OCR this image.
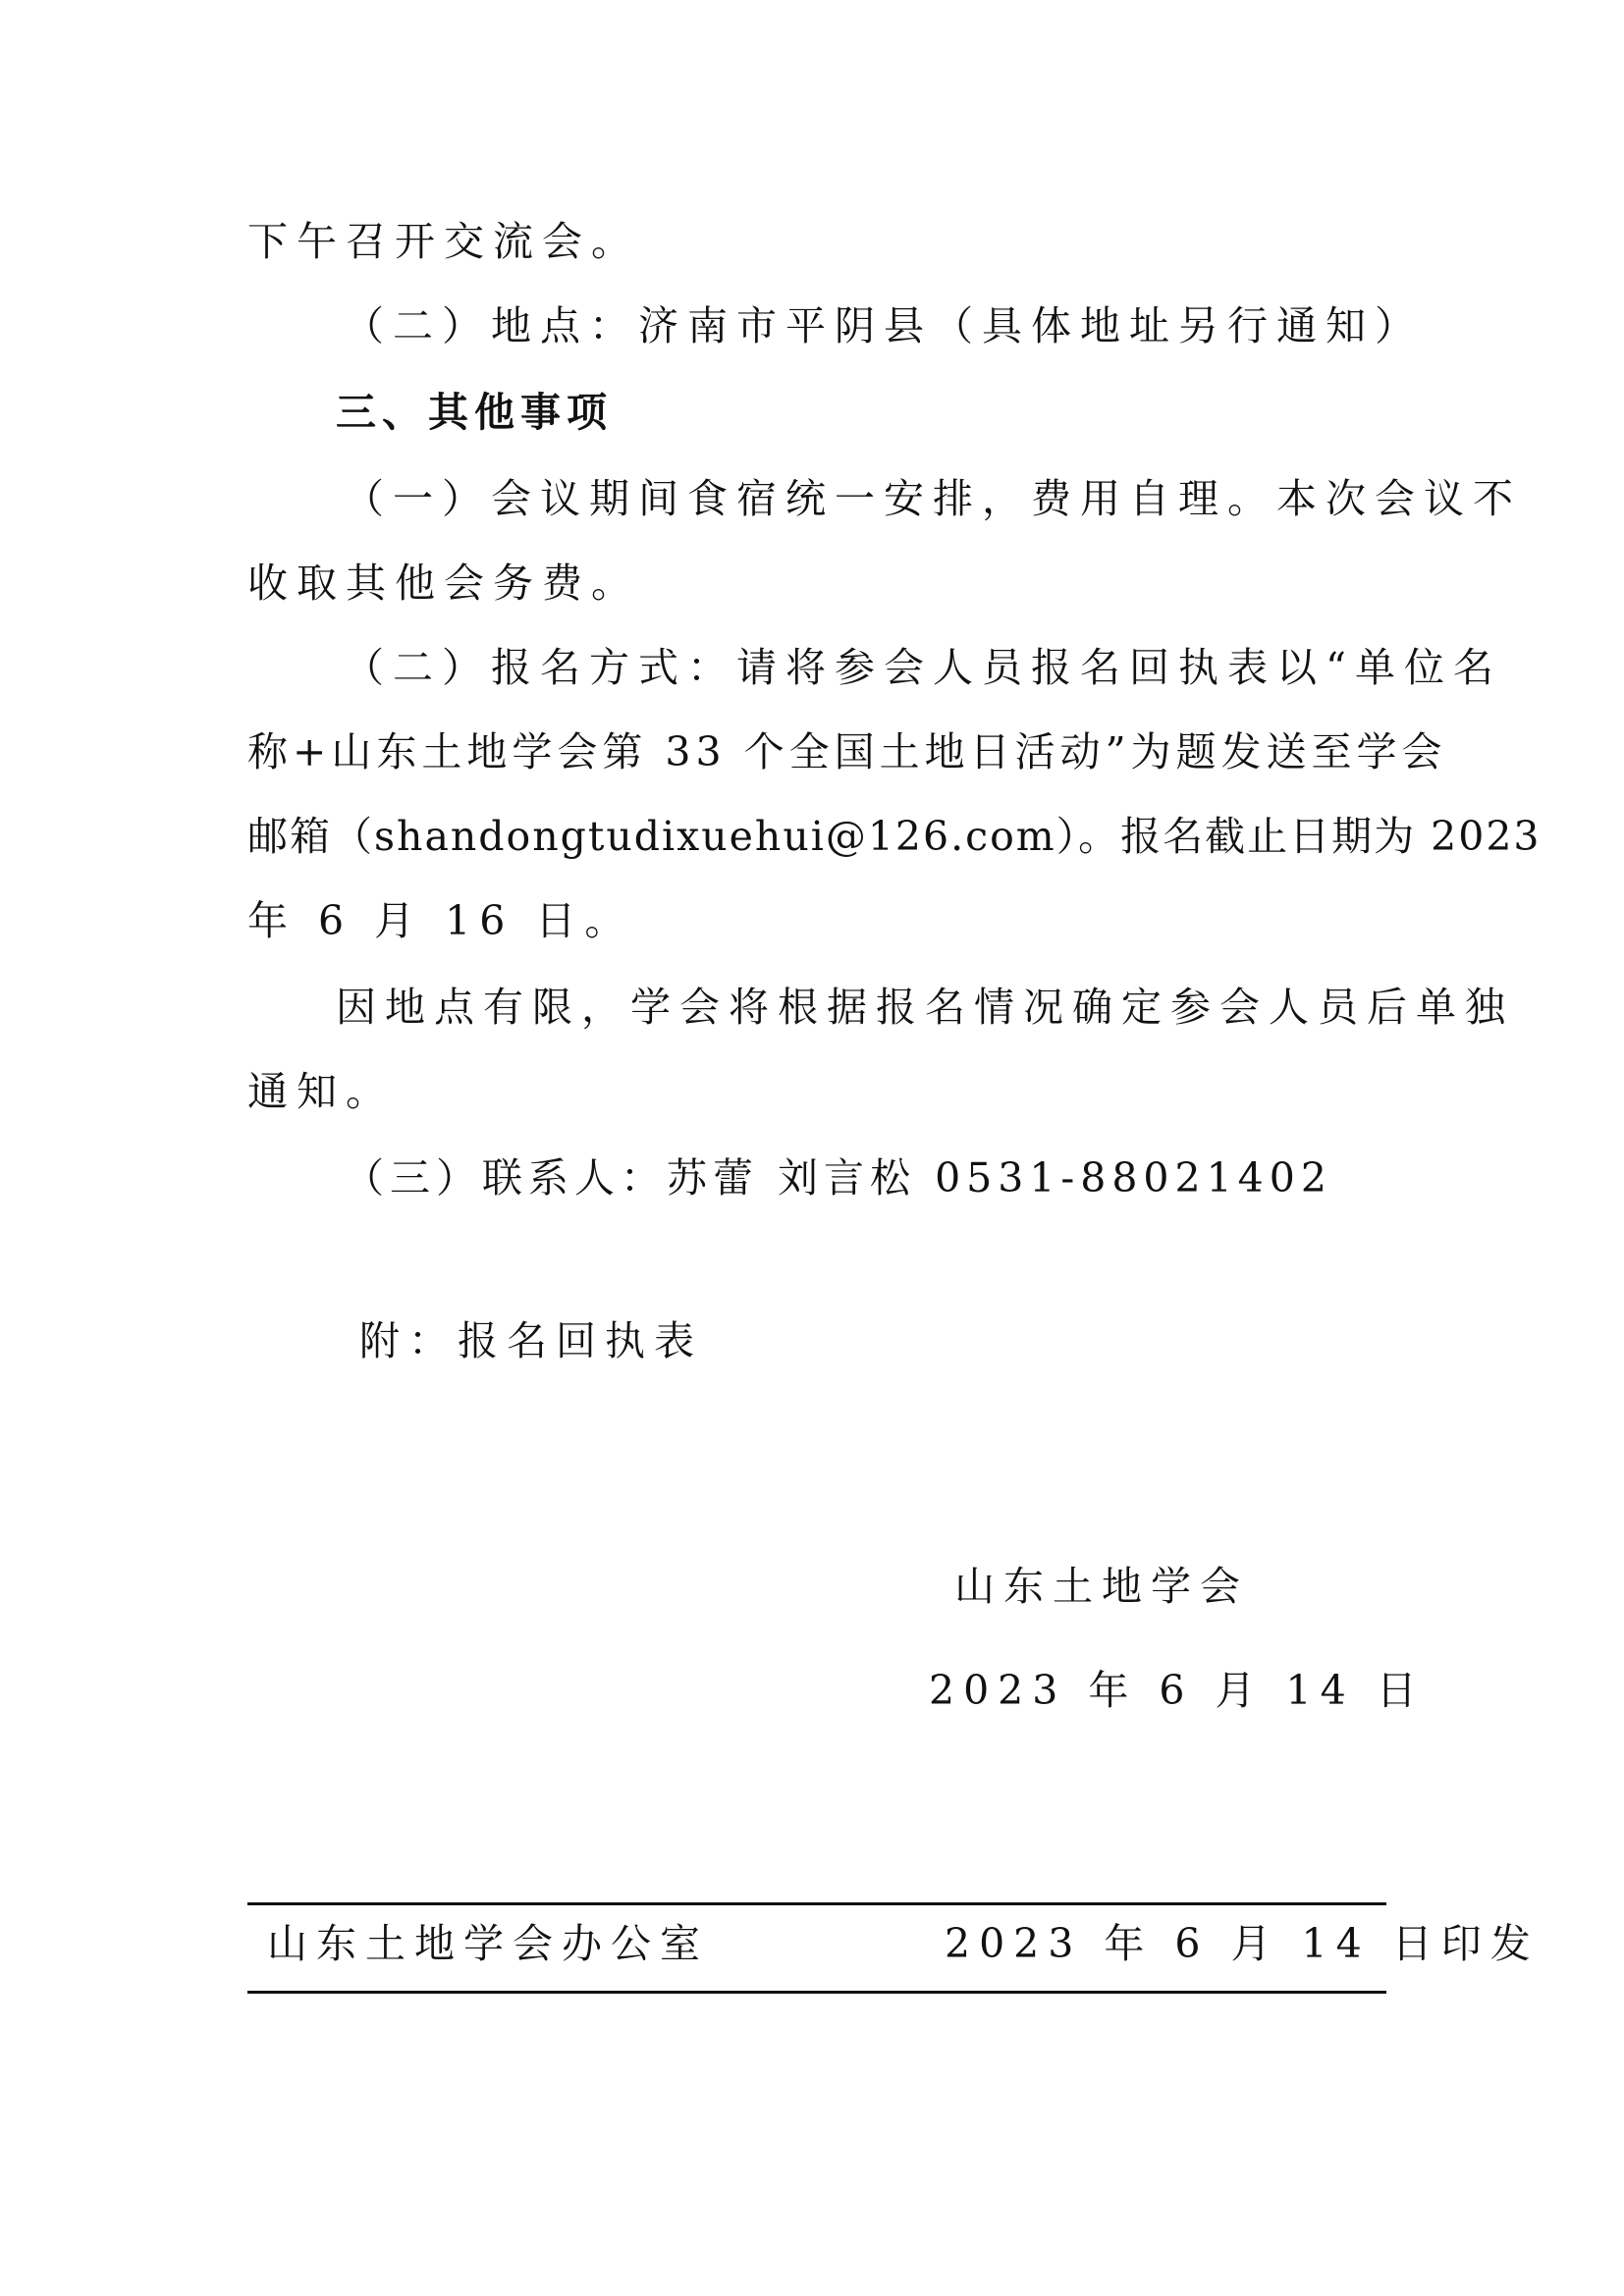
下午召开交流会。
（二）地点：济南市平阴县（具体地址另行通知）
三、其他事项
（一）会议期间食宿统一安排，费用自理。本次会议不
收取其他会务费。
（二）报名方式：请将参会人员报名回执表以“单位名
称+山东土地学会第 33 个全国土地日活动”为题发送至学会
邮箱（shandongtudixuehui@126.com）。报名截止日期为 2023
年 6 月 16 日。
因地点有限，学会将根据报名情况确定参会人员后单独
通知。
（三）联系人：苏蕾 刘言松 0531-88021402
附：报名回执表
山东土地学会
2023 年 6 月 14 日
山东土地学会办公室	2023 年 6 月 14 日印发
